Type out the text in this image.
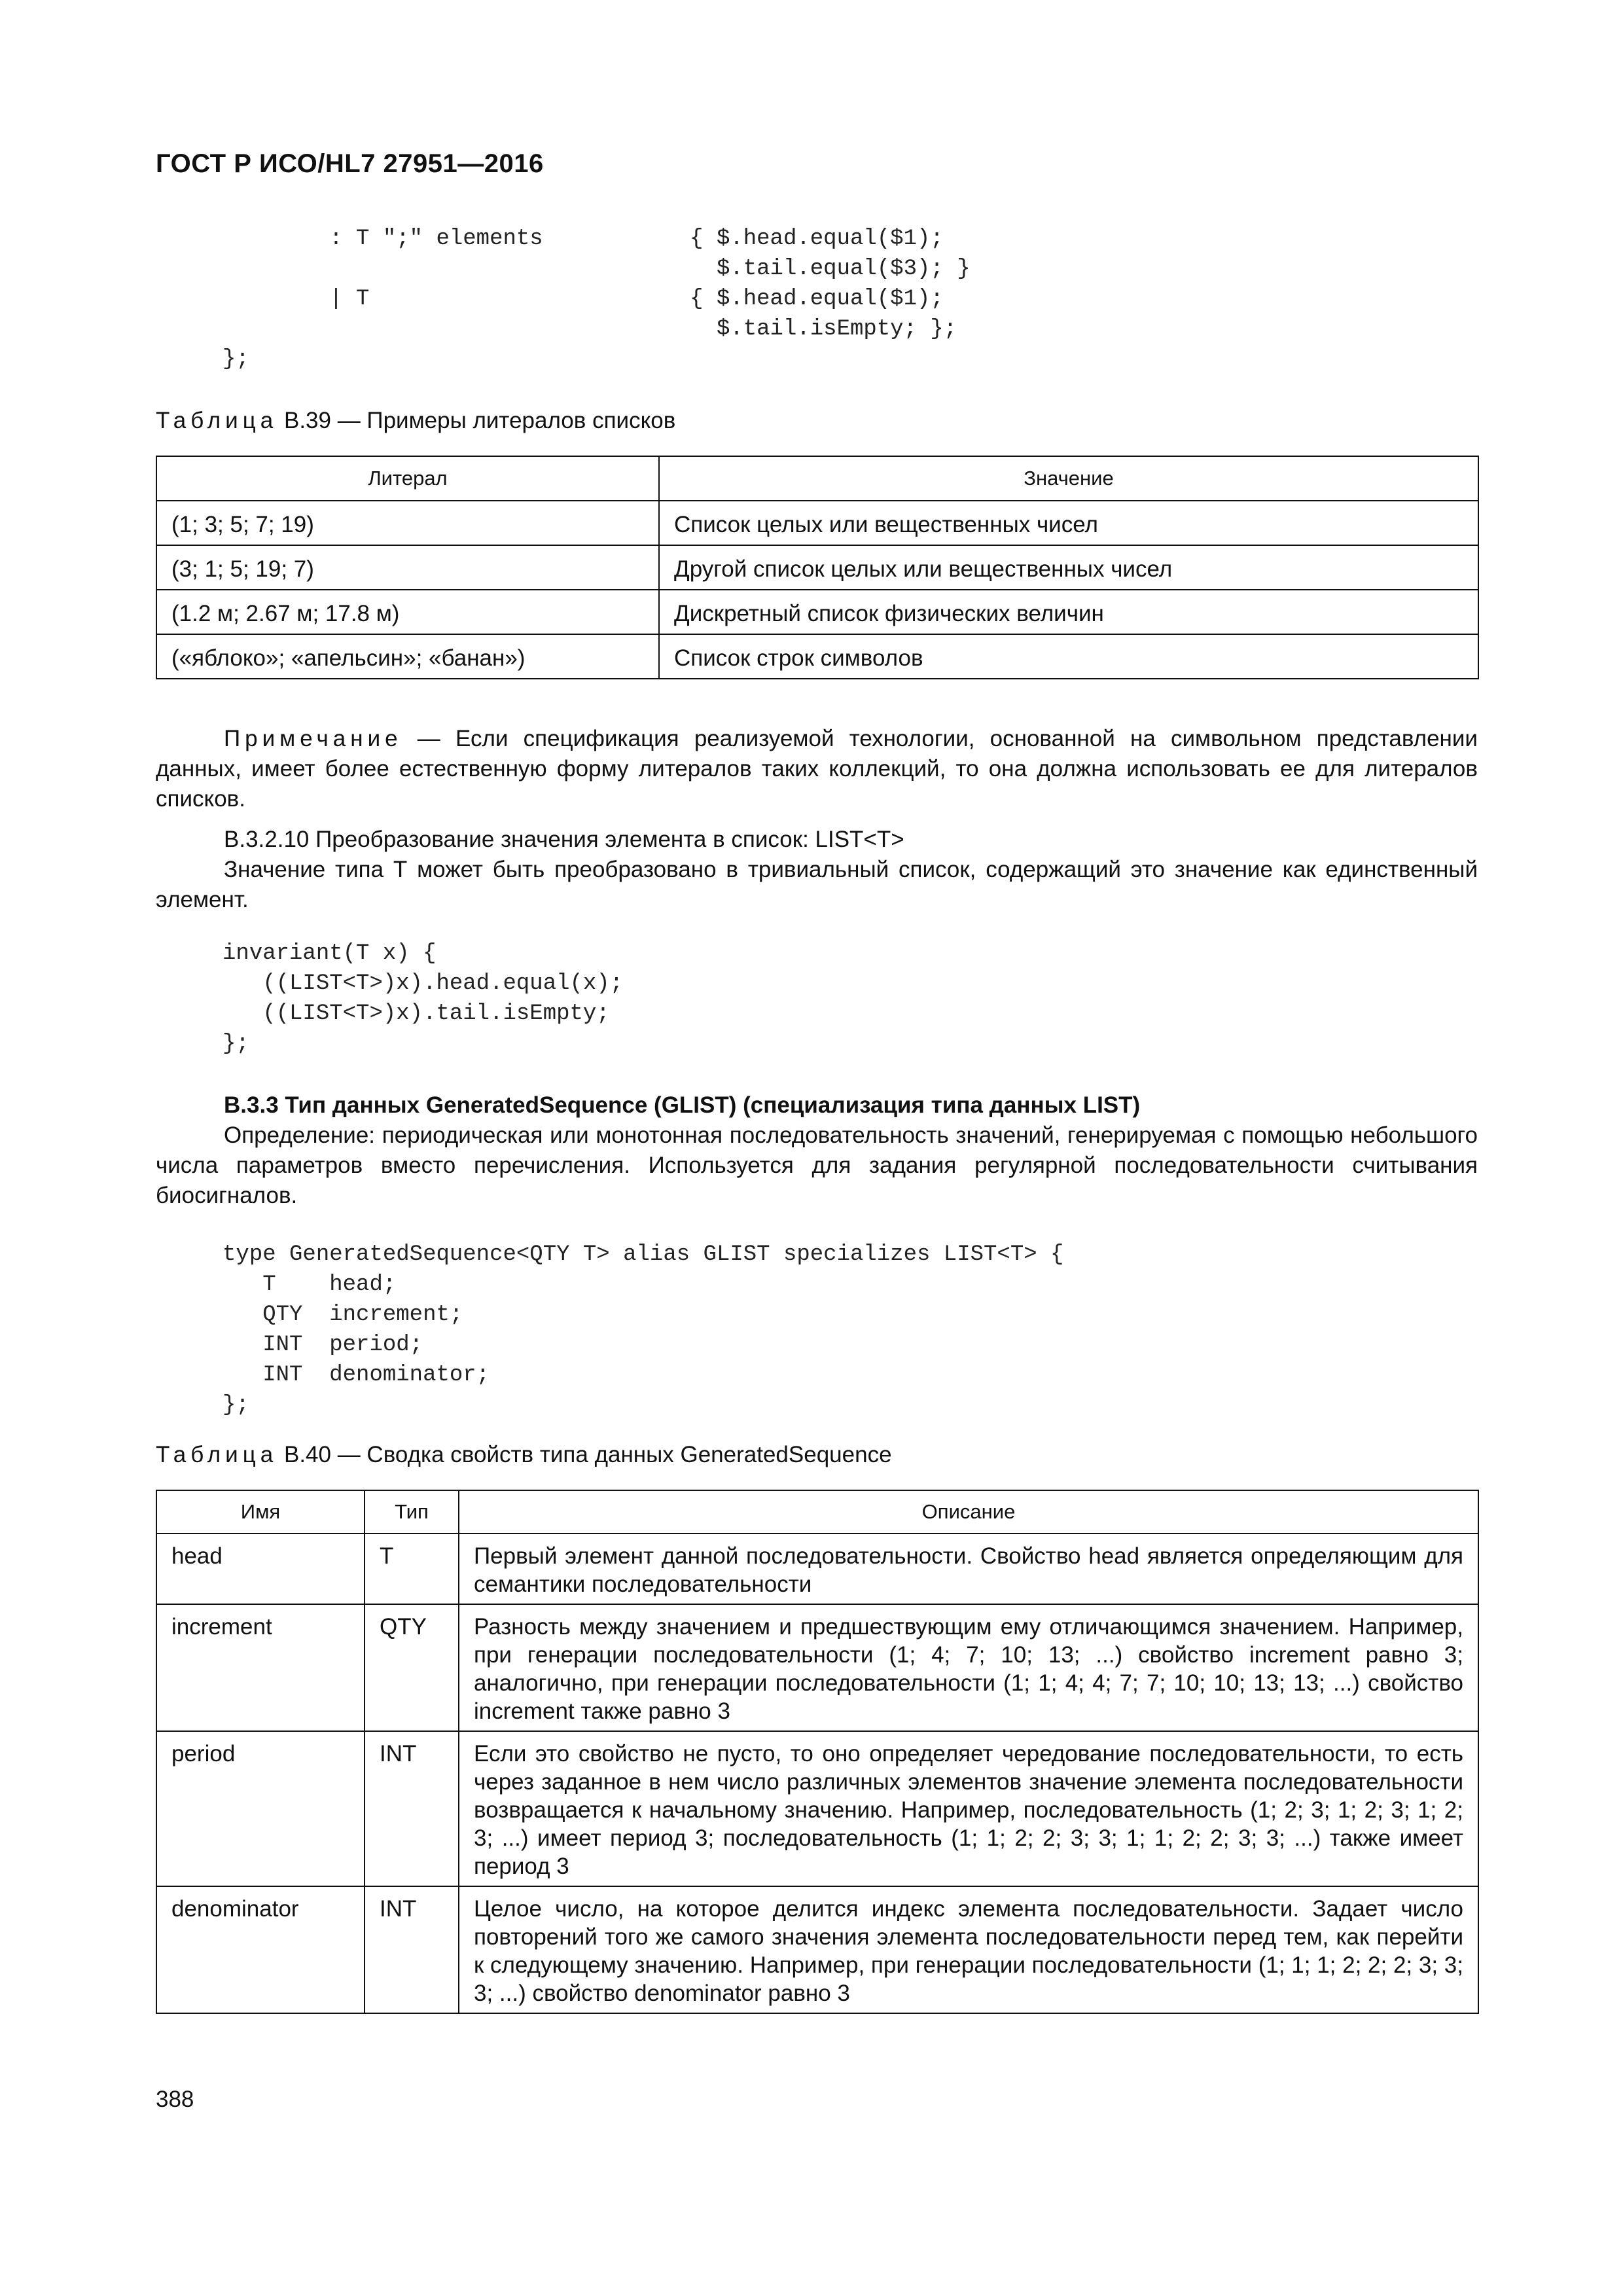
ГОСТ Р ИСО/HL7 27951—2016
: T ";" elements           { $.head.equal($1);
$.tail.equal($3); }
| T                        { $.head.equal($1);
$.tail.isEmpty; };
};
Таблица B.39 — Примеры литералов списков
Литерал	Значение
(1; 3; 5; 7; 19)	Список целых или вещественных чисел
(3; 1; 5; 19; 7)	Другой список целых или вещественных чисел
(1.2 м; 2.67 м; 17.8 м)	Дискретный список физических величин
(«яблоко»; «апельсин»; «банан»)	Список строк символов

Примечание — Если спецификация реализуемой технологии, основанной на символьном представлении данных, имеет более естественную форму литералов таких коллекций, то она должна использовать ее для литералов списков.

B.3.2.10 Преобразование значения элемента в список: LIST<T>

Значение типа Т может быть преобразовано в тривиальный список, содержащий это значение как единственный элемент.

invariant(T x) {
((LIST<T>)x).head.equal(x);
((LIST<T>)x).tail.isEmpty;
};

B.3.3 Тип данных GeneratedSequence (GLIST) (специализация типа данных LIST)

Определение: периодическая или монотонная последовательность значений, генерируемая с помощью небольшого числа параметров вместо перечисления. Используется для задания регулярной последовательности считывания биосигналов.

type GeneratedSequence<QTY T> alias GLIST specializes LIST<T> {
T    head;
QTY  increment;
INT  period;
INT  denominator;
};
Таблица B.40 — Сводка свойств типа данных GeneratedSequence
Имя	Тип	Описание
head	T	Первый элемент данной последовательности. Свойство head является определяющим для семантики последовательности
increment	QTY	Разность между значением и предшествующим ему отличающимся значением. Например, при генерации последовательности (1; 4; 7; 10; 13; ...) свойство increment равно 3; аналогично, при генерации последовательности (1; 1; 4; 4; 7; 7; 10; 10; 13; 13; ...) свойство increment также равно 3
period	INT	Если это свойство не пусто, то оно определяет чередование последовательности, то есть через заданное в нем число различных элементов значение элемента последовательности возвращается к начальному значению. Например, последовательность (1; 2; 3; 1; 2; 3; 1; 2; 3; ...) имеет период 3; последовательность (1; 1; 2; 2; 3; 3; 1; 1; 2; 2; 3; 3; ...) также имеет период 3
denominator	INT	Целое число, на которое делится индекс элемента последовательности. Задает число повторений того же самого значения элемента последовательности перед тем, как перейти к следующему значению. Например, при генерации последовательности (1; 1; 1; 2; 2; 2; 3; 3; 3; ...) свойство denominator равно 3
388
